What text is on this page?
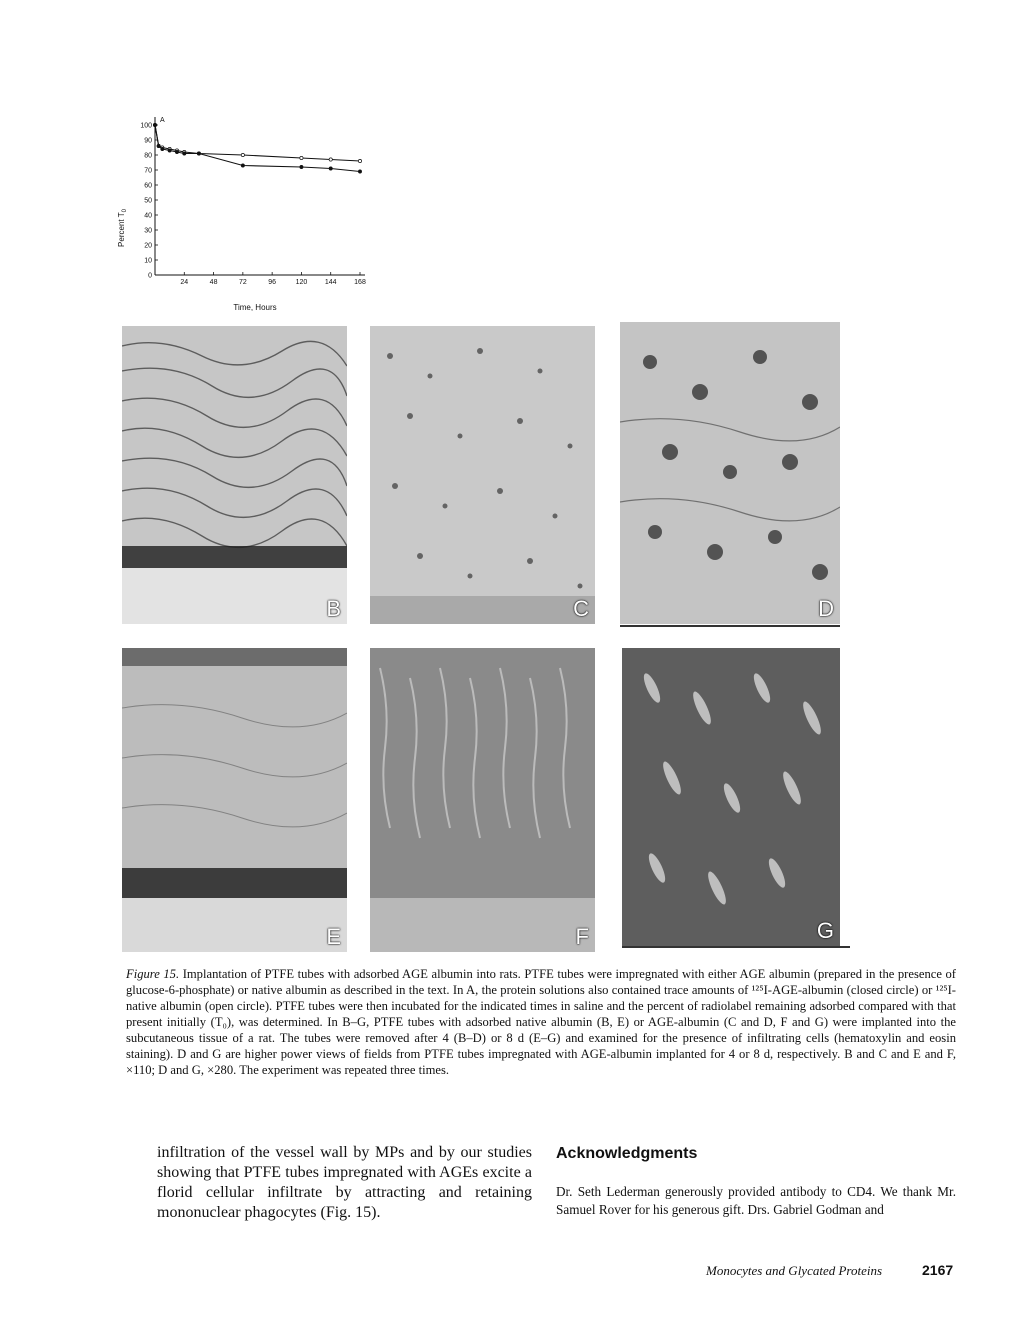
A
0
10
20
30
40
50
60
70
80
90
100
24	48	72	96	120	144	168
Time, Hours
Percent $T_0$
B	C	D
E	F	G
Figure 15. Implantation of PTFE tubes with adsorbed AGE albumin into rats. PTFE tubes were impregnated with either AGE albumin (prepared in the presence of glucose-6-phosphate) or native albumin as described in the text. In A, the protein solutions also contained trace amounts of ¹²⁵I-AGE-albumin (closed circle) or ¹²⁵I-native albumin (open circle). PTFE tubes were then incubated for the indicated times in saline and the percent of radiolabel remaining adsorbed compared with that present initially (T₀), was determined. In B–G, PTFE tubes with adsorbed native albumin (B, E) or AGE-albumin (C and D, F and G) were implanted into the subcutaneous tissue of a rat. The tubes were removed after 4 (B–D) or 8 d (E–G) and examined for the presence of infiltrating cells (hematoxylin and eosin staining). D and G are higher power views of fields from PTFE tubes impregnated with AGE-albumin implanted for 4 or 8 d, respectively. B and C and E and F, ×110; D and G, ×280. The experiment was repeated three times.
infiltration of the vessel wall by MPs and by our studies showing that PTFE tubes impregnated with AGEs excite a florid cellular infiltrate by attracting and retaining mononuclear phagocytes (Fig. 15).
Acknowledgments
Dr. Seth Lederman generously provided antibody to CD4. We thank Mr. Samuel Rover for his generous gift. Drs. Gabriel Godman and
Monocytes and Glycated Proteins	2167
